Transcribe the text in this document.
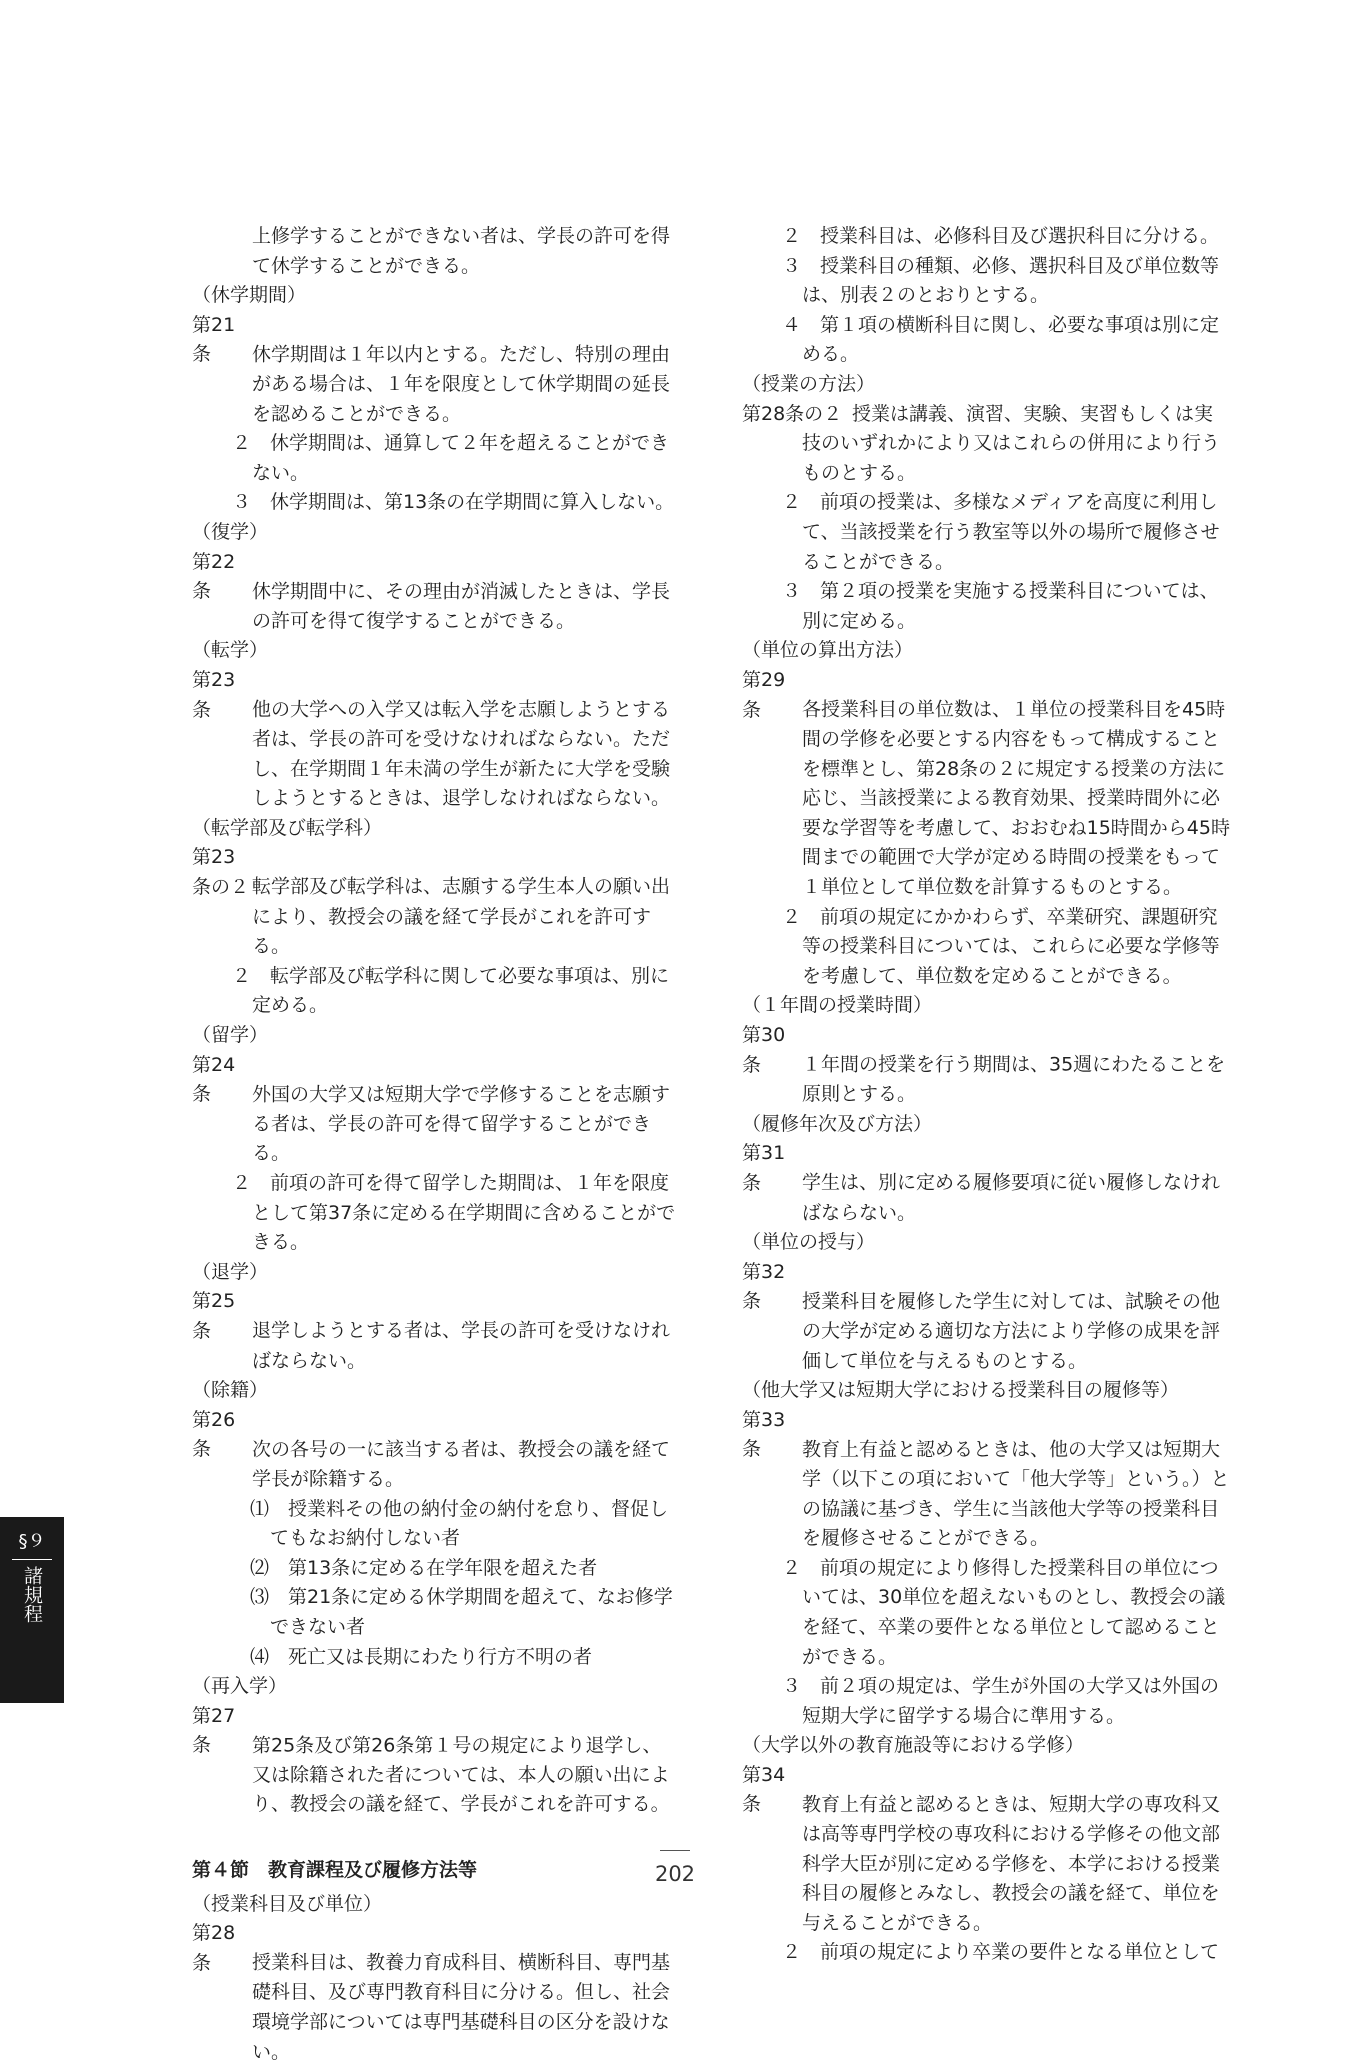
上修学することができない者は、学長の許可を得て休学することができる。

（休学期間）

第21条 休学期間は１年以内とする。ただし、特別の理由がある場合は、１年を限度として休学期間の延長を認めることができる。

２　休学期間は、通算して２年を超えることができない。

３　休学期間は、第13条の在学期間に算入しない。

（復学）

第22条 休学期間中に、その理由が消滅したときは、学長の許可を得て復学することができる。

（転学）

第23条 他の大学への入学又は転入学を志願しようとする者は、学長の許可を受けなければならない。ただし、在学期間１年未満の学生が新たに大学を受験しようとするときは、退学しなければならない。

（転学部及び転学科）

第23条の２ 転学部及び転学科は、志願する学生本人の願い出により、教授会の議を経て学長がこれを許可する。

２　転学部及び転学科に関して必要な事項は、別に定める。

（留学）

第24条 外国の大学又は短期大学で学修することを志願する者は、学長の許可を得て留学することができる。

２　前項の許可を得て留学した期間は、１年を限度として第37条に定める在学期間に含めることができる。

（退学）

第25条 退学しようとする者は、学長の許可を受けなければならない。

（除籍）

第26条 次の各号の一に該当する者は、教授会の議を経て学長が除籍する。

⑴　授業料その他の納付金の納付を怠り、督促してもなお納付しない者

⑵　第13条に定める在学年限を超えた者

⑶　第21条に定める休学期間を超えて、なお修学できない者

⑷　死亡又は長期にわたり行方不明の者

（再入学）

第27条 第25条及び第26条第１号の規定により退学し、又は除籍された者については、本人の願い出により、教授会の議を経て、学長がこれを許可する。

第４節　教育課程及び履修方法等

（授業科目及び単位）

第28条 授業科目は、教養力育成科目、横断科目、専門基礎科目、及び専門教育科目に分ける。但し、社会環境学部については専門基礎科目の区分を設けない。

２　授業科目は、必修科目及び選択科目に分ける。

３　授業科目の種類、必修、選択科目及び単位数等は、別表２のとおりとする。

４　第１項の横断科目に関し、必要な事項は別に定める。

（授業の方法）

第28条の２ 授業は講義、演習、実験、実習もしくは実技のいずれかにより又はこれらの併用により行うものとする。

２　前項の授業は、多様なメディアを高度に利用して、当該授業を行う教室等以外の場所で履修させることができる。

３　第２項の授業を実施する授業科目については、別に定める。

（単位の算出方法）

第29条 各授業科目の単位数は、１単位の授業科目を45時間の学修を必要とする内容をもって構成することを標準とし、第28条の２に規定する授業の方法に応じ、当該授業による教育効果、授業時間外に必要な学習等を考慮して、おおむね15時間から45時間までの範囲で大学が定める時間の授業をもって１単位として単位数を計算するものとする。

２　前項の規定にかかわらず、卒業研究、課題研究等の授業科目については、これらに必要な学修等を考慮して、単位数を定めることができる。

（１年間の授業時間）

第30条 １年間の授業を行う期間は、35週にわたることを原則とする。

（履修年次及び方法）

第31条 学生は、別に定める履修要項に従い履修しなければならない。

（単位の授与）

第32条 授業科目を履修した学生に対しては、試験その他の大学が定める適切な方法により学修の成果を評価して単位を与えるものとする。

（他大学又は短期大学における授業科目の履修等）

第33条 教育上有益と認めるときは、他の大学又は短期大学（以下この項において「他大学等」という。）との協議に基づき、学生に当該他大学等の授業科目を履修させることができる。

２　前項の規定により修得した授業科目の単位については、30単位を超えないものとし、教授会の議を経て、卒業の要件となる単位として認めることができる。

３　前２項の規定は、学生が外国の大学又は外国の短期大学に留学する場合に準用する。

（大学以外の教育施設等における学修）

第34条 教育上有益と認めるときは、短期大学の専攻科又は高等専門学校の専攻科における学修その他文部科学大臣が別に定める学修を、本学における授業科目の履修とみなし、教授会の議を経て、単位を与えることができる。

２　前項の規定により卒業の要件となる単位として

§９
諸規程
202
